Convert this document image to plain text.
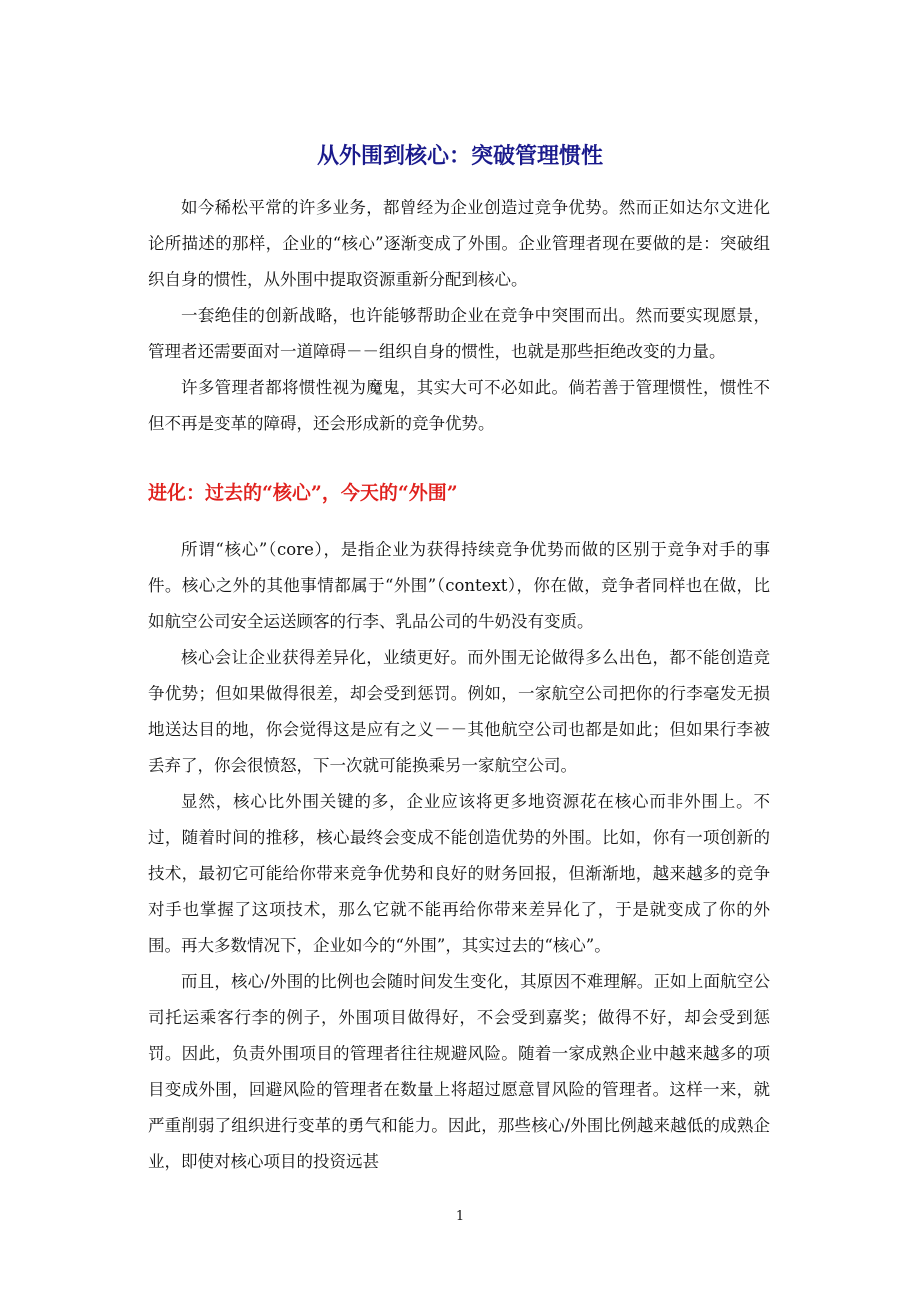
从外围到核心：突破管理惯性

如今稀松平常的许多业务，都曾经为企业创造过竞争优势。然而正如达尔文进化论所描述的那样，企业的“核心”逐渐变成了外围。企业管理者现在要做的是：突破组织自身的惯性，从外围中提取资源重新分配到核心。

一套绝佳的创新战略，也许能够帮助企业在竞争中突围而出。然而要实现愿景，管理者还需要面对一道障碍－－组织自身的惯性，也就是那些拒绝改变的力量。

许多管理者都将惯性视为魔鬼，其实大可不必如此。倘若善于管理惯性，惯性不但不再是变革的障碍，还会形成新的竞争优势。

进化：过去的“核心”，今天的“外围”

所谓“核心”（core），是指企业为获得持续竞争优势而做的区别于竞争对手的事件。核心之外的其他事情都属于“外围”（context），你在做，竞争者同样也在做，比如航空公司安全运送顾客的行李、乳品公司的牛奶没有变质。

核心会让企业获得差异化，业绩更好。而外围无论做得多么出色，都不能创造竞争优势；但如果做得很差，却会受到惩罚。例如，一家航空公司把你的行李毫发无损地送达目的地，你会觉得这是应有之义－－其他航空公司也都是如此；但如果行李被丢弃了，你会很愤怒，下一次就可能换乘另一家航空公司。

显然，核心比外围关键的多，企业应该将更多地资源花在核心而非外围上。不过，随着时间的推移，核心最终会变成不能创造优势的外围。比如，你有一项创新的技术，最初它可能给你带来竞争优势和良好的财务回报，但渐渐地，越来越多的竞争对手也掌握了这项技术，那么它就不能再给你带来差异化了，于是就变成了你的外围。再大多数情况下，企业如今的“外围”，其实过去的“核心”。

而且，核心/外围的比例也会随时间发生变化，其原因不难理解。正如上面航空公司托运乘客行李的例子，外围项目做得好，不会受到嘉奖；做得不好，却会受到惩罚。因此，负责外围项目的管理者往往规避风险。随着一家成熟企业中越来越多的项目变成外围，回避风险的管理者在数量上将超过愿意冒风险的管理者。这样一来，就严重削弱了组织进行变革的勇气和能力。因此，那些核心/外围比例越来越低的成熟企业，即使对核心项目的投资远甚

1
